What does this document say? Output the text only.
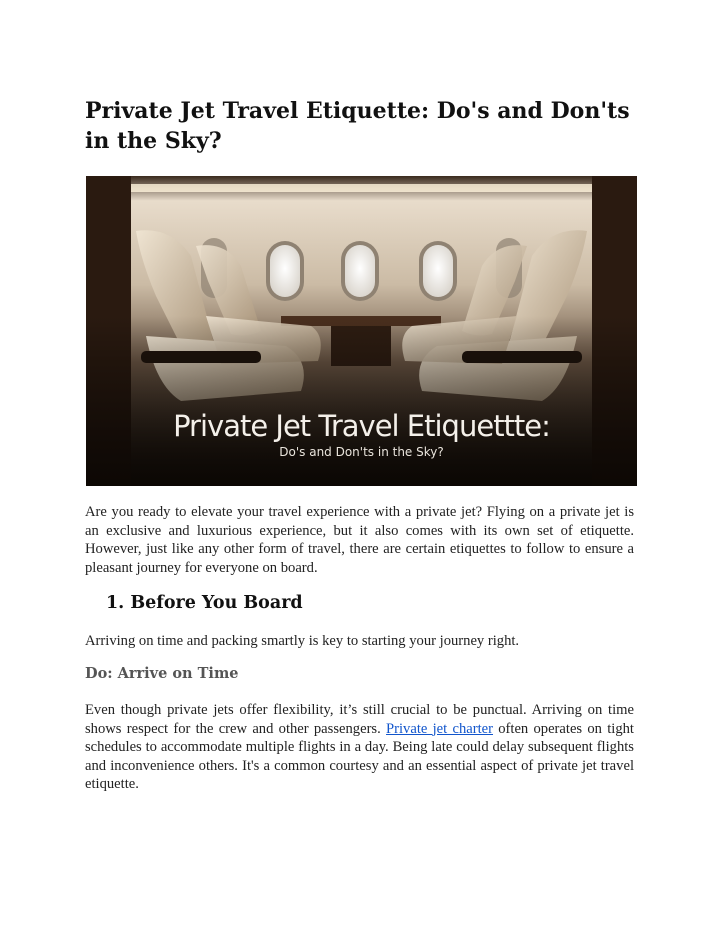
Private Jet Travel Etiquette: Do's and Don'ts in the Sky?
Private Jet Travel Etiquettte:
Do's and Don'ts in the Sky?

Are you ready to elevate your travel experience with a private jet? Flying on a private jet is an exclusive and luxurious experience, but it also comes with its own set of etiquette. However, just like any other form of travel, there are certain etiquettes to follow to ensure a pleasant journey for everyone on board.

1. Before You Board

Arriving on time and packing smartly is key to starting your journey right.

Do: Arrive on Time

Even though private jets offer flexibility, it’s still crucial to be punctual. Arriving on time shows respect for the crew and other passengers. Private jet charter often operates on tight schedules to accommodate multiple flights in a day. Being late could delay subsequent flights and inconvenience others. It's a common courtesy and an essential aspect of private jet travel etiquette.
